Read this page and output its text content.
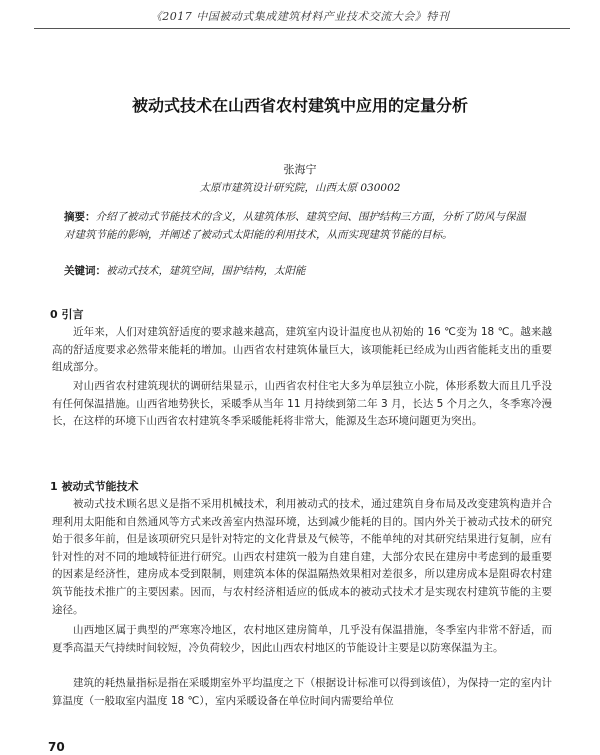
《2017 中国被动式集成建筑材料产业技术交流大会》特刊
被动式技术在山西省农村建筑中应用的定量分析
张海宁
太原市建筑设计研究院，山西太原 030002
摘要：介绍了被动式节能技术的含义，从建筑体形、建筑空间、围护结构三方面，分析了防风与保温对建筑节能的影响，并阐述了被动式太阳能的利用技术，从而实现建筑节能的目标。
关键词：被动式技术，建筑空间，围护结构，太阳能
0 引言
近年来，人们对建筑舒适度的要求越来越高，建筑室内设计温度也从初始的 16 ℃变为 18 ℃。越来越高的舒适度要求必然带来能耗的增加。山西省农村建筑体量巨大，该项能耗已经成为山西省能耗支出的重要组成部分。
对山西省农村建筑现状的调研结果显示，山西省农村住宅大多为单层独立小院，体形系数大而且几乎没有任何保温措施。山西省地势狭长，采暖季从当年 11 月持续到第二年 3 月，长达 5 个月之久，冬季寒冷漫长，在这样的环境下山西省农村建筑冬季采暖能耗将非常大，能源及生态环境问题更为突出。
1 被动式节能技术
被动式技术顾名思义是指不采用机械技术，利用被动式的技术，通过建筑自身布局及改变建筑构造并合理利用太阳能和自然通风等方式来改善室内热湿环境，达到减少能耗的目的。国内外关于被动式技术的研究始于很多年前，但是该项研究只是针对特定的文化背景及气候等，不能单纯的对其研究结果进行复制，应有针对性的对不同的地域特征进行研究。山西农村建筑一般为自建自建，大部分农民在建房中考虑到的最重要的因素是经济性，建房成本受到限制，则建筑本体的保温隔热效果相对差很多，所以建房成本是阻碍农村建筑节能技术推广的主要因素。因而，与农村经济相适应的低成本的被动式技术才是实现农村建筑节能的主要途径。
山西地区属于典型的严寒寒冷地区，农村地区建房简单，几乎没有保温措施，冬季室内非常不舒适，而夏季高温天气持续时间较短，冷负荷较少，因此山西农村地区的节能设计主要是以防寒保温为主。
建筑的耗热量指标是指在采暖期室外平均温度之下（根据设计标准可以得到该值），为保持一定的室内计算温度（一般取室内温度 18 ℃），室内采暖设备在单位时间内需要给单位
70
